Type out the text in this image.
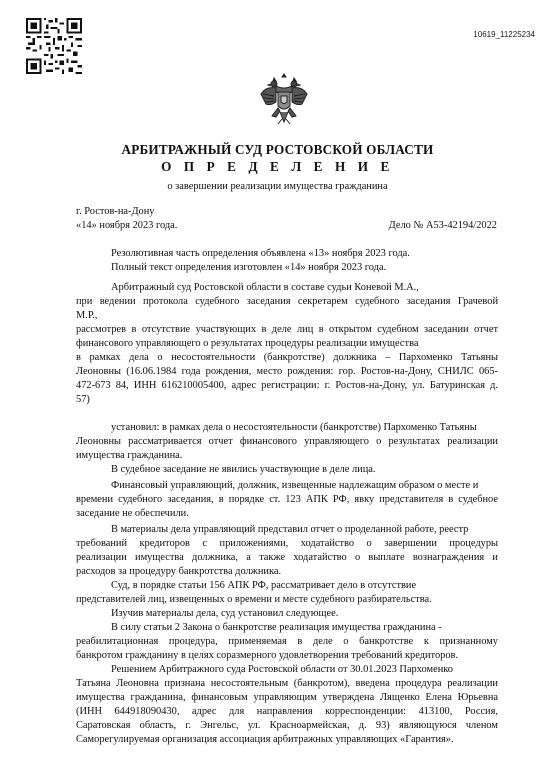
10619_11225234
АРБИТРАЖНЫЙ СУД РОСТОВСКОЙ ОБЛАСТИ
О П Р Е Д Е Л Е Н И Е
о завершении реализации имущества гражданина
г. Ростов-на-Дону
«14» ноября 2023 года.	Дело № А53-42194/2022
Резолютивная часть определения объявлена «13» ноября 2023 года.
Полный текст определения изготовлен «14» ноября 2023 года.
Арбитражный суд Ростовской области в составе судьи Коневой М.А.,
при ведении протокола судебного заседания секретарем судебного заседания Грачевой
М.Р.,
рассмотрев в отсутствие участвующих в деле лиц в открытом судебном заседании отчет
финансового управляющего о результатах процедуры реализации имущества
в рамках дела о несостоятельности (банкротстве) должника – Пархоменко Татьяны
Леоновны (16.06.1984 года рождения, место рождения: гор. Ростов-на-Дону, СНИЛС 065-
472-673 84, ИНН 616210005400, адрес регистрации: г. Ростов-на-Дону, ул. Батуринская д.
57)
установил: в рамках дела о несостоятельности (банкротстве) Пархоменко Татьяны
Леоновны рассматривается отчет финансового управляющего о результатах реализации
имущества гражданина.
В судебное заседание не явились участвующие в деле лица.
Финансовый управляющий, должник, извещенные надлежащим образом о месте и
времени судебного заседания, в порядке ст. 123 АПК РФ, явку представителя в судебное
заседание не обеспечили.
В материалы дела управляющий представил отчет о проделанной работе, реестр
требований кредиторов с приложениями, ходатайство о завершении процедуры
реализации имущества должника, а также ходатайство о выплате вознаграждения и
расходов за процедуру банкротства должника.
Суд, в порядке статьи 156 АПК РФ, рассматривает дело в отсутствие
представителей лиц, извещенных о времени и месте судебного разбирательства.
Изучив материалы дела, суд установил следующее.
В силу статьи 2 Закона о банкротстве реализация имущества гражданина -
реабилитационная процедура, применяемая в деле о банкротстве к признанному
банкротом гражданину в целях соразмерного удовлетворения требований кредиторов.
Решением Арбитражного суда Ростовской области от 30.01.2023 Пархоменко
Татьяна Леоновна признана несостоятельным (банкротом), введена процедура реализации
имущества гражданина, финансовым управляющим утверждена Лященко Елена Юрьевна
(ИНН 644918090430, адрес для направления корреспонденции: 413100, Россия,
Саратовская область, г. Энгельс, ул. Красноармейская, д. 93) являющуюся членом
Саморегулируемая организация ассоциация арбитражных управляющих «Гарантия».
